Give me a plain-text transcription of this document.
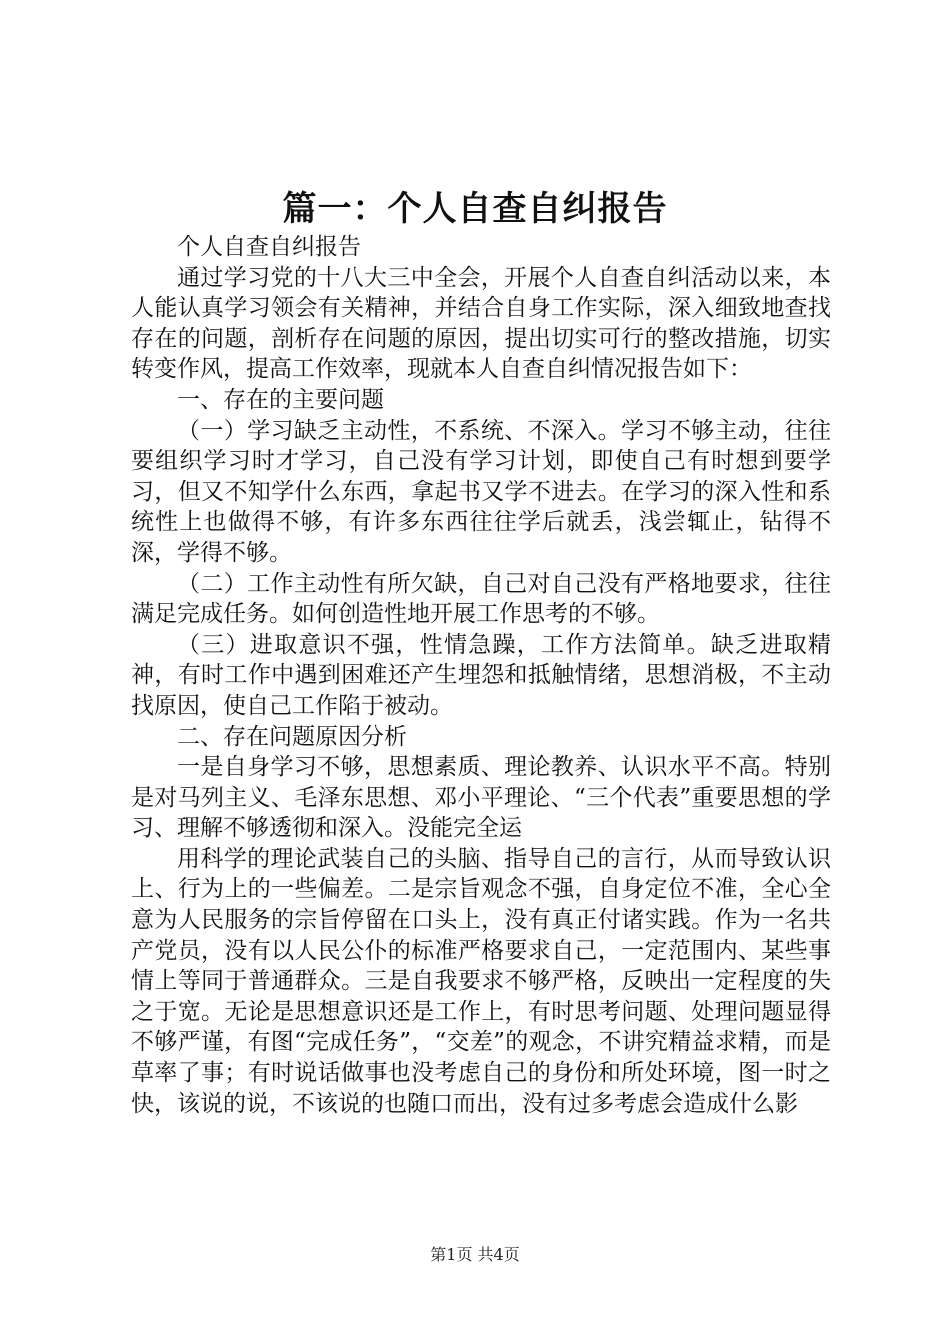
篇一：个人自查自纠报告

个人自查自纠报告

通过学习党的十八大三中全会，开展个人自查自纠活动以来，本人能认真学习领会有关精神，并结合自身工作实际，深入细致地查找存在的问题，剖析存在问题的原因，提出切实可行的整改措施，切实转变作风，提高工作效率，现就本人自查自纠情况报告如下：

一、存在的主要问题

（一）学习缺乏主动性，不系统、不深入。学习不够主动，往往要组织学习时才学习，自己没有学习计划，即使自己有时想到要学习，但又不知学什么东西，拿起书又学不进去。在学习的深入性和系统性上也做得不够，有许多东西往往学后就丢，浅尝辄止，钻得不深，学得不够。

（二）工作主动性有所欠缺，自己对自己没有严格地要求，往往满足完成任务。如何创造性地开展工作思考的不够。

（三）进取意识不强，性情急躁，工作方法简单。缺乏进取精神，有时工作中遇到困难还产生埋怨和抵触情绪，思想消极，不主动找原因，使自己工作陷于被动。

二、存在问题原因分析

一是自身学习不够，思想素质、理论教养、认识水平不高。特别是对马列主义、毛泽东思想、邓小平理论、“三个代表”重要思想的学习、理解不够透彻和深入。没能完全运

用科学的理论武装自己的头脑、指导自己的言行，从而导致认识上、行为上的一些偏差。二是宗旨观念不强，自身定位不准，全心全意为人民服务的宗旨停留在口头上，没有真正付诸实践。作为一名共产党员，没有以人民公仆的标准严格要求自己，一定范围内、某些事情上等同于普通群众。三是自我要求不够严格，反映出一定程度的失之于宽。无论是思想意识还是工作上，有时思考问题、处理问题显得不够严谨，有图“完成任务”，“交差”的观念，不讲究精益求精，而是草率了事；有时说话做事也没考虑自己的身份和所处环境，图一时之快，该说的说，不该说的也随口而出，没有过多考虑会造成什么影

第1页 共4页
